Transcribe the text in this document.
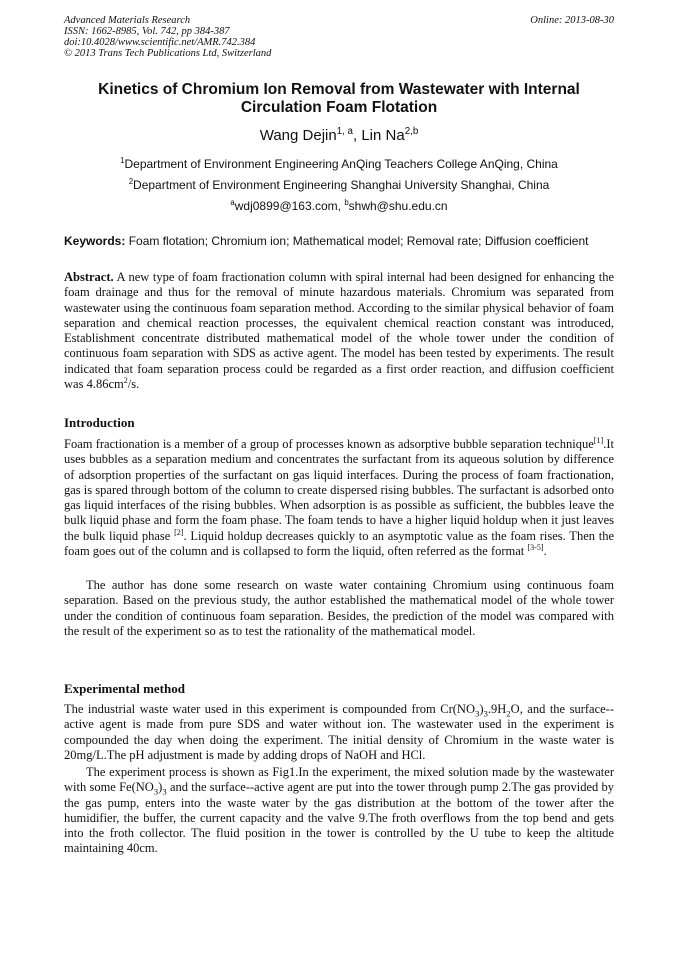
Advanced Materials Research
ISSN: 1662-8985, Vol. 742, pp 384-387
doi:10.4028/www.scientific.net/AMR.742.384
© 2013 Trans Tech Publications Ltd, Switzerland
Online: 2013-08-30
Kinetics of Chromium Ion Removal from Wastewater with Internal
Circulation Foam Flotation
Wang Dejin$^{1, a}$, Lin Na$^{2,b}$
$^1$Department of Environment Engineering AnQing Teachers College AnQing, China
$^2$Department of Environment Engineering Shanghai University Shanghai, China
$^a$wdj0899@163.com, $^b$shwh@shu.edu.cn
Keywords: Foam flotation; Chromium ion; Mathematical model; Removal rate; Diffusion coefficient
Abstract. A new type of foam fractionation column with spiral internal had been designed for enhancing the foam drainage and thus for the removal of minute hazardous materials. Chromium was separated from wastewater using the continuous foam separation method. According to the similar physical behavior of foam separation and chemical reaction processes, the equivalent chemical reaction constant was introduced, Establishment concentrate distributed mathematical model of the whole tower under the condition of continuous foam separation with SDS as active agent. The model has been tested by experiments. The result indicated that foam separation process could be regarded as a first order reaction, and diffusion coefficient was $4.86cm^2/s$.
Introduction
Foam fractionation is a member of a group of processes known as adsorptive bubble separation technique[1].It uses bubbles as a separation medium and concentrates the surfactant from its aqueous solution by difference of adsorption properties of the surfactant on gas liquid interfaces. During the process of foam fractionation, gas is spared through bottom of the column to create dispersed rising bubbles. The surfactant is adsorbed onto gas liquid interfaces of the rising bubbles. When adsorption is as possible as sufficient, the bubbles leave the bulk liquid phase and form the foam phase. The foam tends to have a higher liquid holdup when it just leaves the bulk liquid phase [2]. Liquid holdup decreases quickly to an asymptotic value as the foam rises. Then the foam goes out of the column and is collapsed to form the liquid, often referred as the format [3-5].
The author has done some research on waste water containing Chromium using continuous foam separation. Based on the previous study, the author established the mathematical model of the whole tower under the condition of continuous foam separation. Besides, the prediction of the model was compared with the result of the experiment so as to test the rationality of the mathematical model.
Experimental method
The industrial waste water used in this experiment is compounded from $Cr(NO_3)_3.9H_2O$, and the surface--active agent is made from pure SDS and water without ion. The wastewater used in the experiment is compounded the day when doing the experiment. The initial density of Chromium in the waste water is 20mg/L.The pH adjustment is made by adding drops of NaOH and HCl.
The experiment process is shown as Fig1.In the experiment, the mixed solution made by the wastewater with some $Fe(NO_3)_3$ and the surface--active agent are put into the tower through pump 2.The gas provided by the gas pump, enters into the waste water by the gas distribution at the bottom of the tower after the humidifier, the buffer, the current capacity and the valve 9.The froth overflows from the top bend and gets into the froth collector. The fluid position in the tower is controlled by the U tube to keep the altitude maintaining 40cm.
